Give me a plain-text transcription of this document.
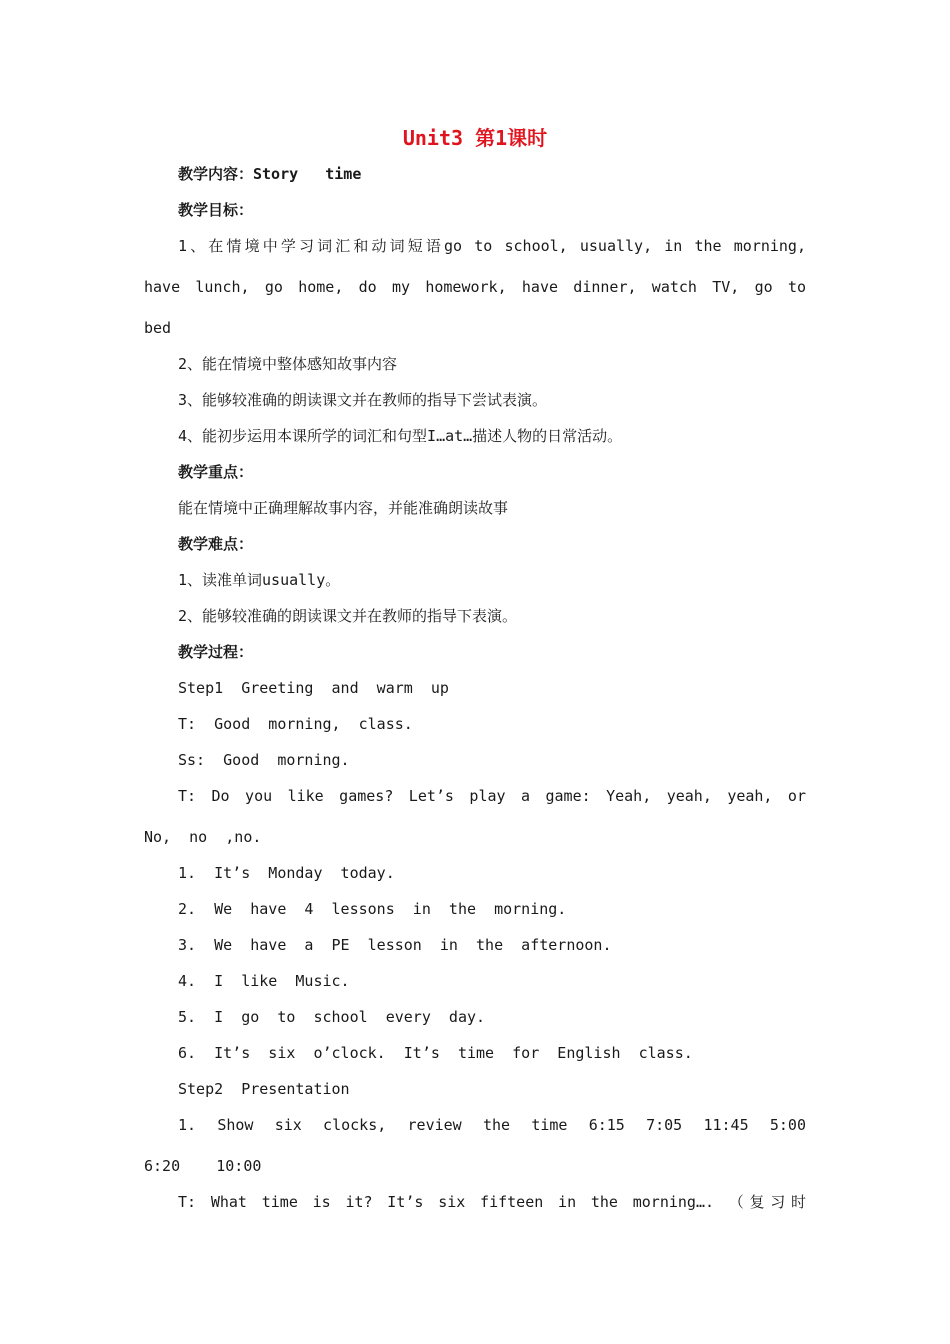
Unit3 第1课时
教学内容：Story   time
教学目标：
1、在情境中学习词汇和动词短语go to school, usually, in the morning,
have lunch, go home, do my homework, have dinner, watch TV, go to
bed
2、能在情境中整体感知故事内容
3、能够较准确的朗读课文并在教师的指导下尝试表演。
4、能初步运用本课所学的词汇和句型I…at…描述人物的日常活动。
教学重点：
能在情境中正确理解故事内容，并能准确朗读故事
教学难点：
1、读准单词usually。
2、能够较准确的朗读课文并在教师的指导下表演。
教学过程：
Step1  Greeting  and  warm  up
T:  Good  morning,  class.
Ss:  Good  morning.
T: Do you like games? Let’s play a game: Yeah, yeah, yeah, or
No,  no  ,no.
1.  It’s  Monday  today.
2.  We  have  4  lessons  in  the  morning.
3.  We  have  a  PE  lesson  in  the  afternoon.
4.  I  like  Music.
5.  I  go  to  school  every  day.
6.  It’s  six  o’clock.  It’s  time  for  English  class.
Step2  Presentation
1. Show six clocks, review the time 6:15 7:05 11:45 5:00
6:20    10:00
T: What time is it? It’s six fifteen in the morning…. （复习时
